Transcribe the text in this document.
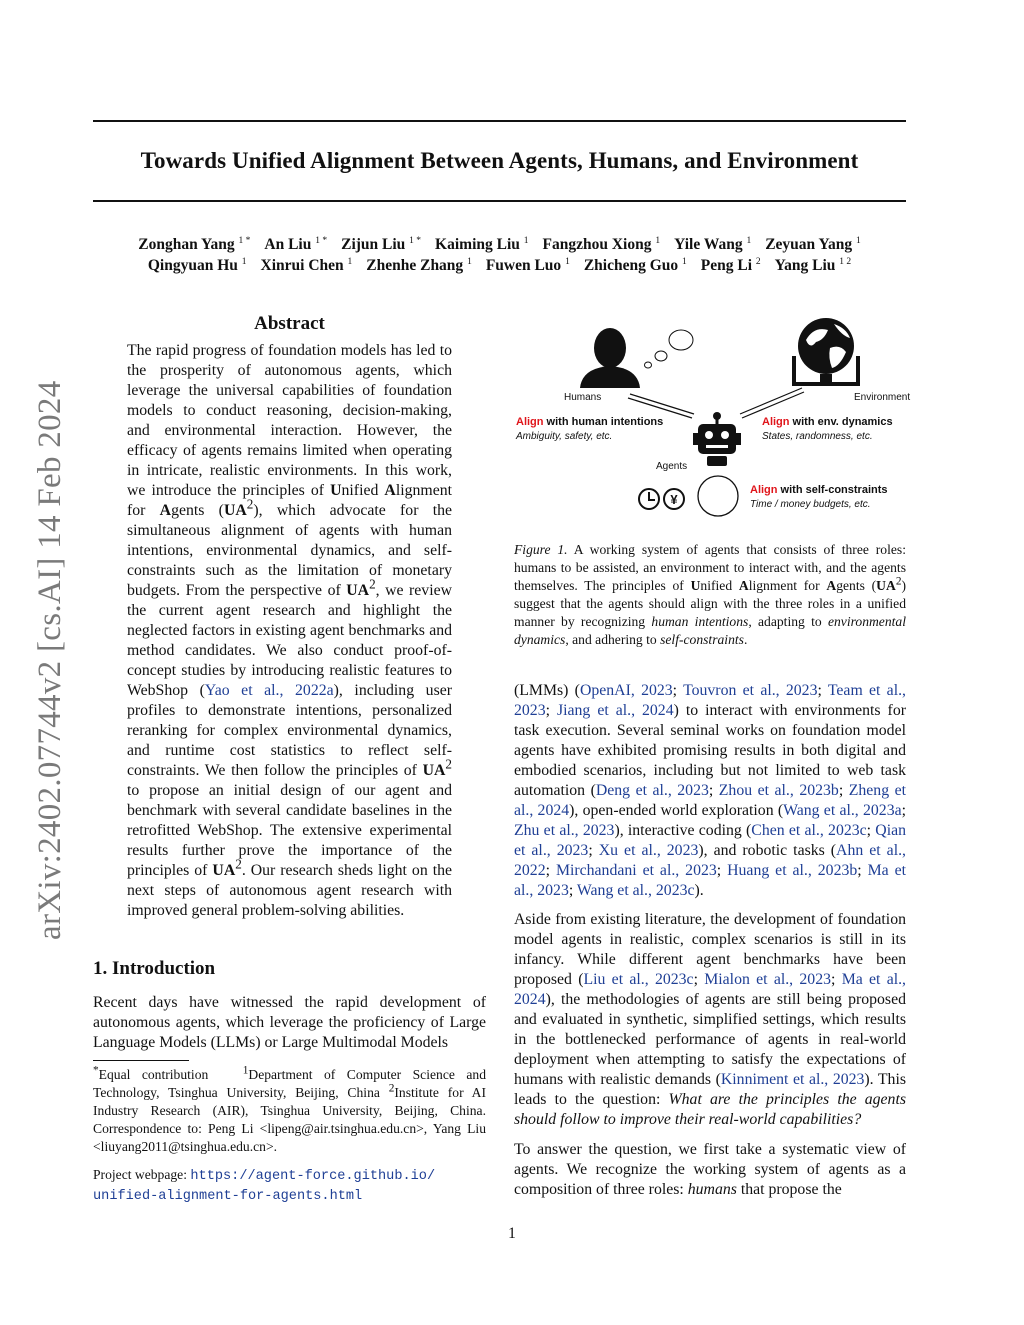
arXiv:2402.07744v2 [cs.AI] 14 Feb 2024
Towards Unified Alignment Between Agents, Humans, and Environment
Zonghan Yang $^{1 *}$ An Liu $^{1 *}$ Zijun Liu $^{1 *}$ Kaiming Liu $^1$ Fangzhou Xiong $^1$ Yile Wang $^1$ Zeyuan Yang $^1$
Qingyuan Hu $^1$ Xinrui Chen $^1$ Zhenhe Zhang $^1$ Fuwen Luo $^1$ Zhicheng Guo $^1$ Peng Li $^2$ Yang Liu $^{1 2}$
Abstract
The rapid progress of foundation models has led to the prosperity of autonomous agents, which leverage the universal capabilities of foundation models to conduct reasoning, decision-making, and environmental interaction. However, the efficacy of agents remains limited when operating in intricate, realistic environments. In this work, we introduce the principles of Unified Alignment for Agents $(UA^2)$, which advocate for the simultaneous alignment of agents with human intentions, environmental dynamics, and self-constraints such as the limitation of monetary budgets. From the perspective of $UA^2$, we review the current agent research and highlight the neglected factors in existing agent benchmarks and method candidates. We also conduct proof-of-concept studies by introducing realistic features to WebShop (Yao et al., 2022a), including user profiles to demonstrate intentions, personalized reranking for complex environmental dynamics, and runtime cost statistics to reflect self-constraints. We then follow the principles of $UA^2$ to propose an initial design of our agent and benchmark with several candidate baselines in the retrofitted WebShop. The extensive experimental results further prove the importance of the principles of $UA^2$. Our research sheds light on the next steps of autonomous agent research with improved general problem-solving abilities.
1. Introduction
Recent days have witnessed the rapid development of autonomous agents, which leverage the proficiency of Large Language Models (LLMs) or Large Multimodal Models
*Equal contribution   $^1$Department of Computer Science and Technology, Tsinghua University, Beijing, China $^2$Institute for AI Industry Research (AIR), Tsinghua University, Beijing, China. Correspondence to: Peng Li <lipeng@air.tsinghua.edu.cn>, Yang Liu <liuyang2011@tsinghua.edu.cn>.
Project webpage: https://agent-force.github.io/
unified-alignment-for-agents.html
¥
Humans	Environment
Agents
Align with human intentions
Ambiguity, safety, etc.
Align with env. dynamics
States, randomness, etc.
Align with self-constraints
Time / money budgets, etc.
Figure 1. A working system of agents that consists of three roles: humans to be assisted, an environment to interact with, and the agents themselves. The principles of Unified Alignment for Agents $(UA^2)$ suggest that the agents should align with the three roles in a unified manner by recognizing human intentions, adapting to environmental dynamics, and adhering to self-constraints.
(LMMs) (OpenAI, 2023; Touvron et al., 2023; Team et al., 2023; Jiang et al., 2024) to interact with environments for task execution. Several seminal works on foundation model agents have exhibited promising results in both digital and embodied scenarios, including but not limited to web task automation (Deng et al., 2023; Zhou et al., 2023b; Zheng et al., 2024), open-ended world exploration (Wang et al., 2023a; Zhu et al., 2023), interactive coding (Chen et al., 2023c; Qian et al., 2023; Xu et al., 2023), and robotic tasks (Ahn et al., 2022; Mirchandani et al., 2023; Huang et al., 2023b; Ma et al., 2023; Wang et al., 2023c).
Aside from existing literature, the development of foundation model agents in realistic, complex scenarios is still in its infancy. While different agent benchmarks have been proposed (Liu et al., 2023c; Mialon et al., 2023; Ma et al., 2024), the methodologies of agents are still being proposed and evaluated in synthetic, simplified settings, which results in the bottlenecked performance of agents in real-world deployment when attempting to satisfy the expectations of humans with realistic demands (Kinniment et al., 2023). This leads to the question: What are the principles the agents should follow to improve their real-world capabilities?
To answer the question, we first take a systematic view of agents. We recognize the working system of agents as a composition of three roles: humans that propose the
1
